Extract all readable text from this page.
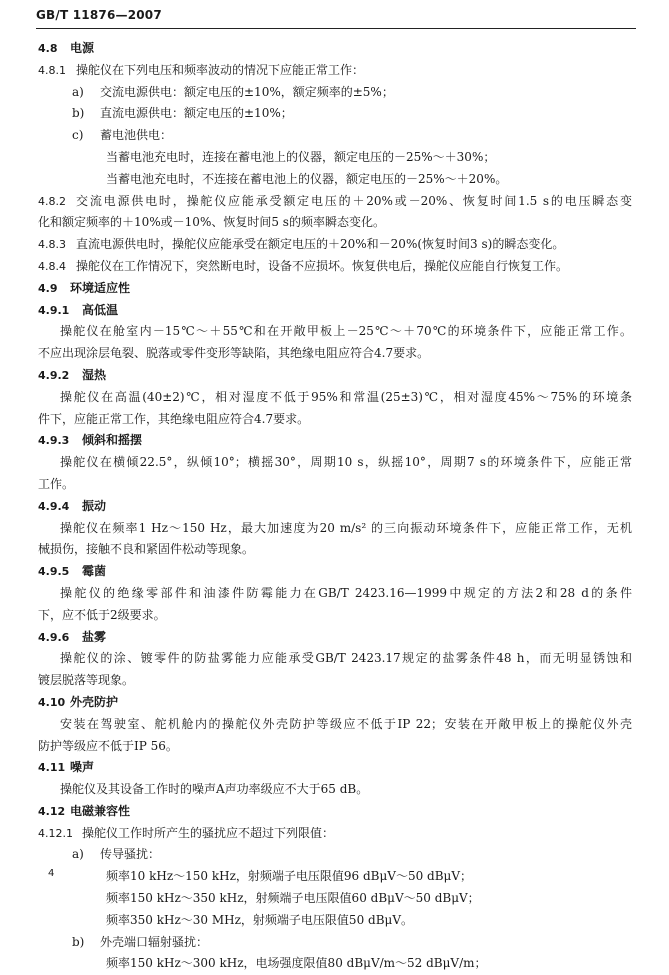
GB/T 11876—2007
4.8 电源
4.8.1 操舵仪在下列电压和频率波动的情况下应能正常工作：
a) 交流电源供电：额定电压的±10%，额定频率的±5%；
b) 直流电源供电：额定电压的±10%；
c) 蓄电池供电：
当蓄电池充电时，连接在蓄电池上的仪器，额定电压的－25%～＋30%；
当蓄电池充电时，不连接在蓄电池上的仪器，额定电压的－25%～＋20%。
4.8.2 交流电源供电时，操舵仪应能承受额定电压的＋20%或－20%、恢复时间1.5 s的电压瞬态变
化和额定频率的＋10%或－10%、恢复时间5 s的频率瞬态变化。
4.8.3 直流电源供电时，操舵仪应能承受在额定电压的＋20%和－20%(恢复时间3 s)的瞬态变化。
4.8.4 操舵仪在工作情况下，突然断电时，设备不应损坏。恢复供电后，操舵仪应能自行恢复工作。
4.9 环境适应性
4.9.1 高低温
操舵仪在舱室内－15℃～＋55℃和在开敞甲板上－25℃～＋70℃的环境条件下，应能正常工作。
不应出现涂层龟裂、脱落或零件变形等缺陷，其绝缘电阻应符合4.7要求。
4.9.2 湿热
操舵仪在高温(40±2)℃，相对湿度不低于95%和常温(25±3)℃，相对湿度45%～75%的环境条
件下，应能正常工作，其绝缘电阻应符合4.7要求。
4.9.3 倾斜和摇摆
操舵仪在横倾22.5°，纵倾10°；横摇30°，周期10 s，纵摇10°，周期7 s的环境条件下，应能正常
工作。
4.9.4 振动
操舵仪在频率1 Hz～150 Hz，最大加速度为20 m/s² 的三向振动环境条件下，应能正常工作，无机
械损伤，接触不良和紧固件松动等现象。
4.9.5 霉菌
操舵仪的绝缘零部件和油漆件防霉能力在GB/T 2423.16—1999中规定的方法2和28 d的条件
下，应不低于2级要求。
4.9.6 盐雾
操舵仪的涂、镀零件的防盐雾能力应能承受GB/T 2423.17规定的盐雾条件48 h，而无明显锈蚀和
镀层脱落等现象。
4.10 外壳防护
安装在驾驶室、舵机舱内的操舵仪外壳防护等级应不低于IP 22；安装在开敞甲板上的操舵仪外壳
防护等级应不低于IP 56。
4.11 噪声
操舵仪及其设备工作时的噪声A声功率级应不大于65 dB。
4.12 电磁兼容性
4.12.1 操舵仪工作时所产生的骚扰应不超过下列限值：
a) 传导骚扰：
频率10 kHz～150 kHz，射频端子电压限值96 dBμV～50 dBμV；
频率150 kHz～350 kHz，射频端子电压限值60 dBμV～50 dBμV；
频率350 kHz～30 MHz，射频端子电压限值50 dBμV。
b) 外壳端口辐射骚扰：
频率150 kHz～300 kHz，电场强度限值80 dBμV/m～52 dBμV/m；
4
